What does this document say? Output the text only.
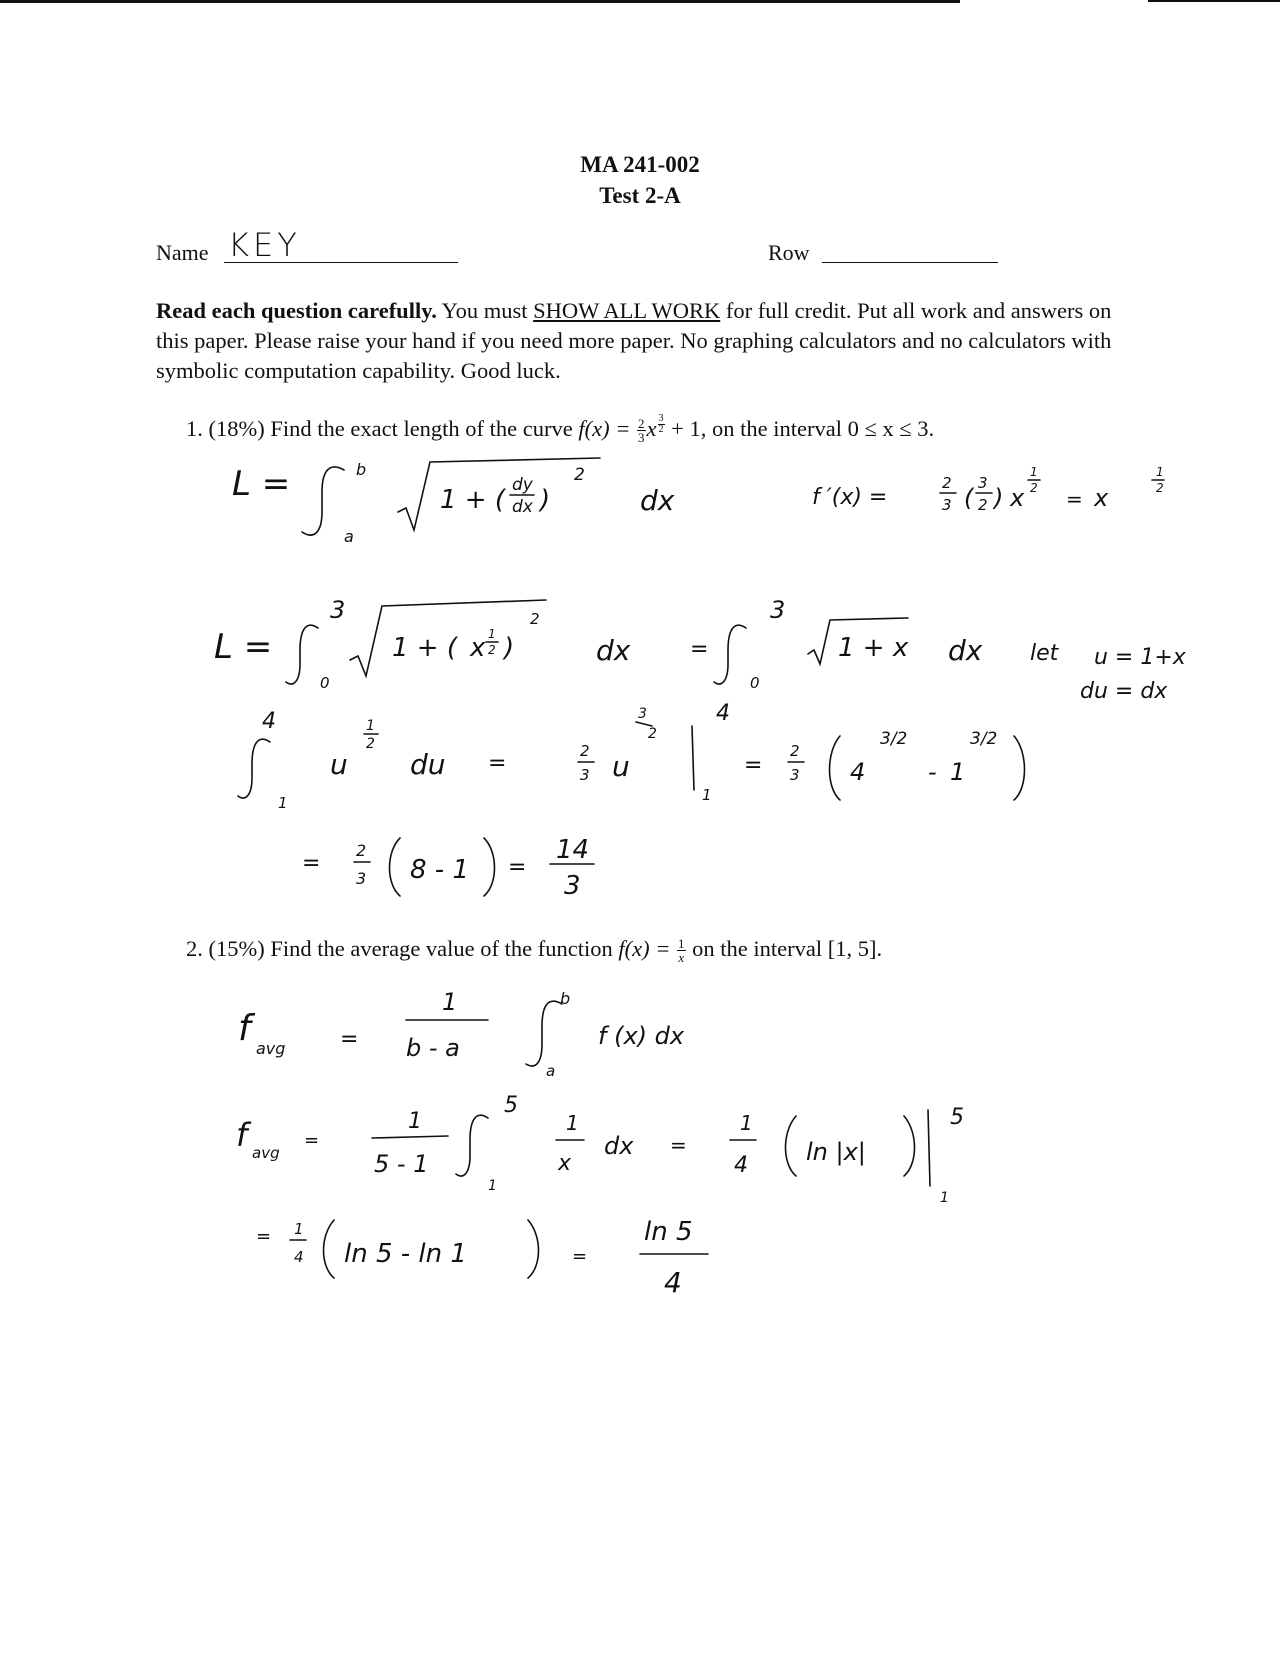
MA 241-002
Test 2-A
Name KEY	Row
Read each question carefully. You must SHOW ALL WORK for full credit. Put all work and answers on this paper. Please raise your hand if you need more paper. No graphing calculators and no calculators with symbolic computation capability. Good luck.
1. (18%) Find the exact length of the curve $f(x) = \frac{2}{3}$ x $^{\frac{3}{2}}$ + 1, on the interval 0 ≤ x ≤ 3.
L =	b
a
1 + ( dy
dx )
2
dx	f ′(x) =
2
3 (
3
2 ) x
1
2 = x
1
2
L =
3
0
1 + ( x 1
2 )
2
dx	=
3
0
1 + x dx let u = 1+x
du = dx
4
1
u
1
2
du =	2
3 u
3
2
4
1
=
2
3 4
3/2
- 1
3/2
=
2
3 8 - 1 =
14
3
2. (15%) Find the average value of the function $f(x) = \frac{1}{x}$ on the interval [1, 5].
f avg =
1
b - a
b
a
f (x) dx
f avg
=
1
5 - 1
5
1
1
x
dx =
1
4 ln |x|
5
1
= 1
4 ln 5 - ln 1	=
ln 5
4
